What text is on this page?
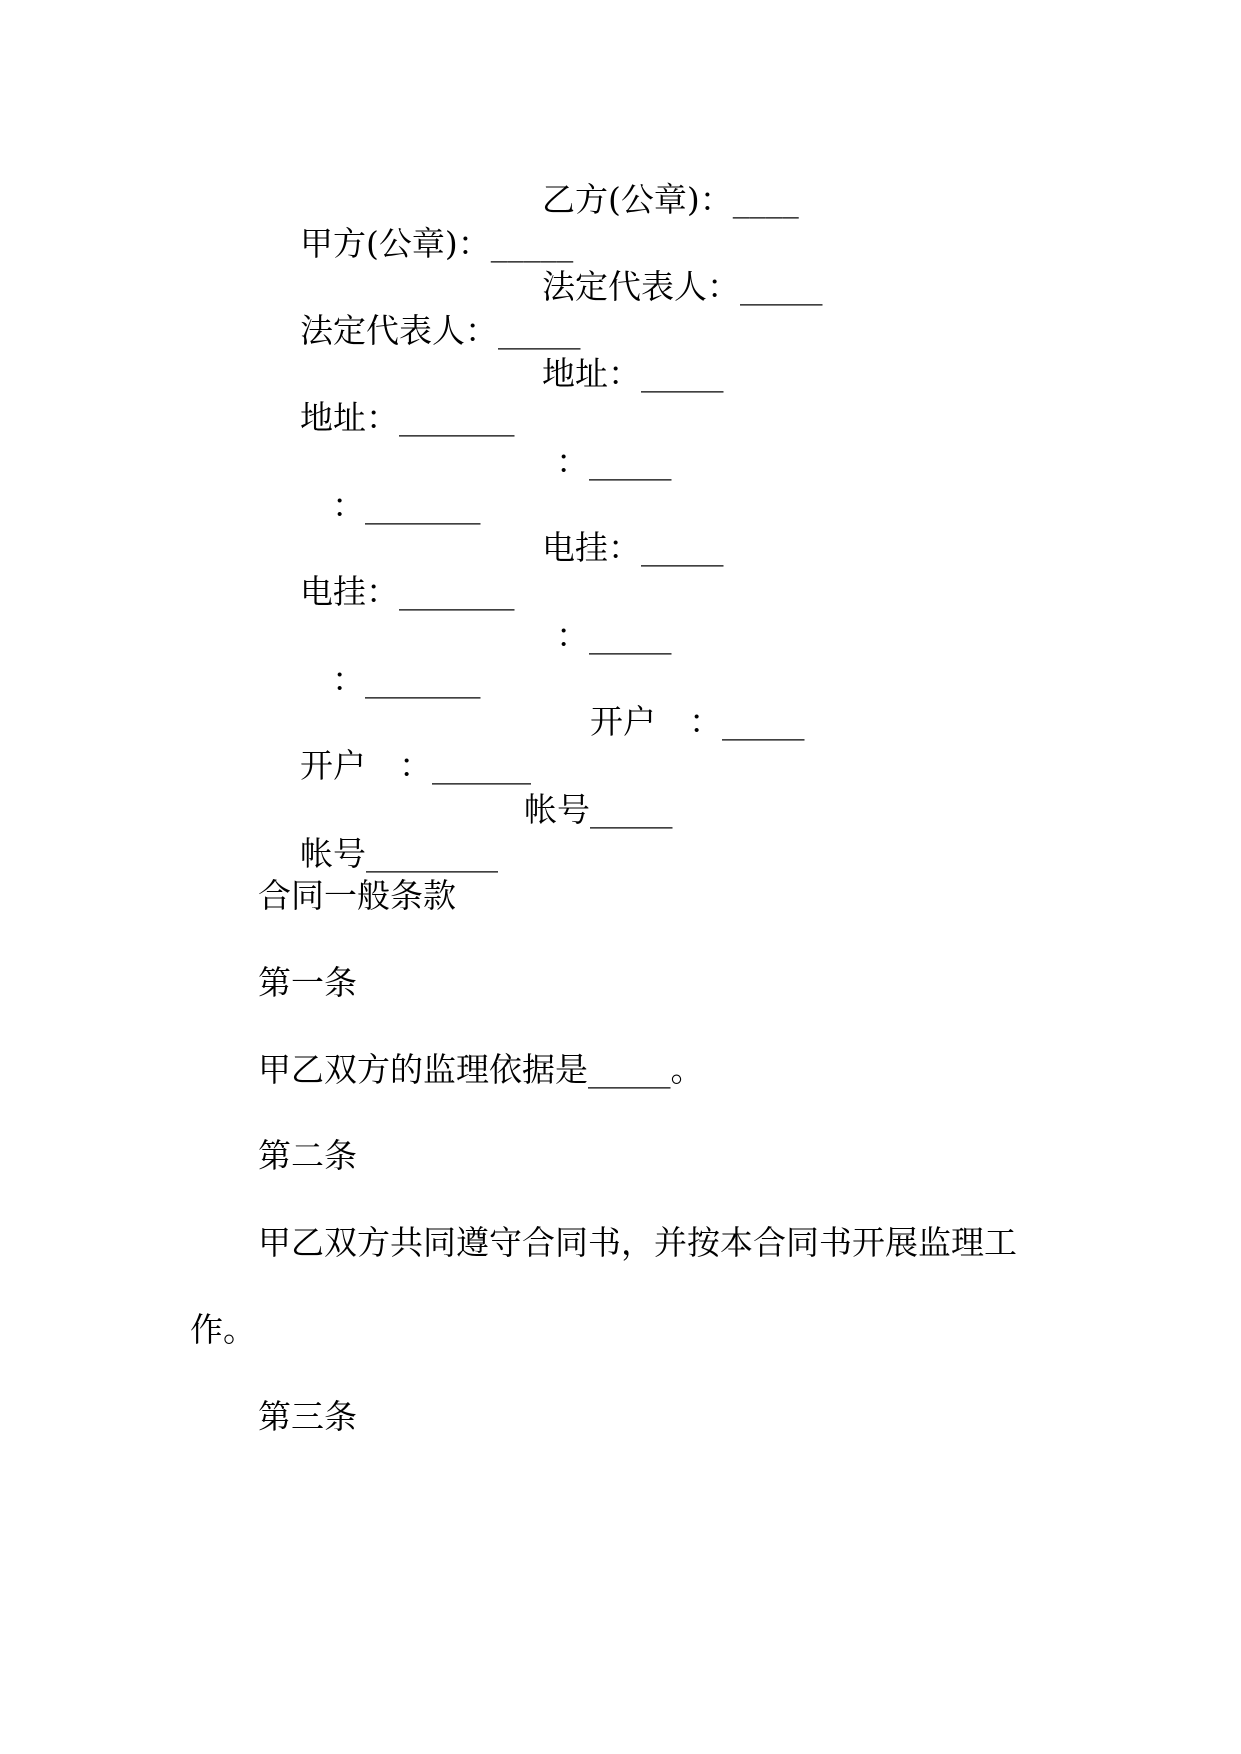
甲方(公章)：_____

乙方(公章)：____

法定代表人：_____

法定代表人：_____

地址：_______

地址：_____

：_______

：_____

电挂：_______

电挂：_____

：_______

：_____

开户　：______

开户　：_____

帐号________

帐号_____

合同一般条款
第一条
甲乙双方的监理依据是_____。
第二条
甲乙双方共同遵守合同书，并按本合同书开展监理工
作。
第三条
